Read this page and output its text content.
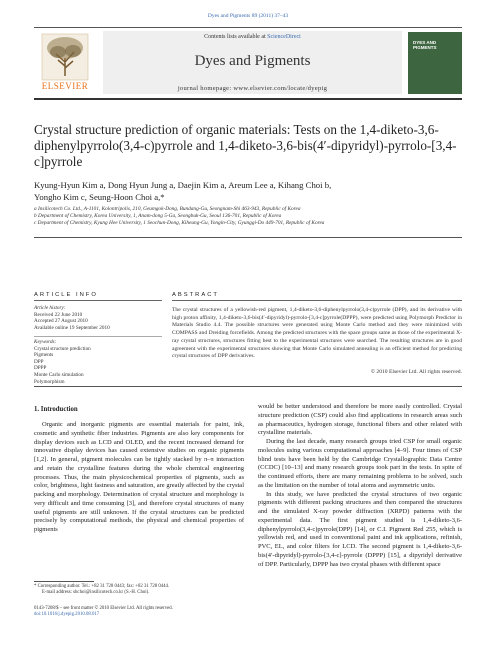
Dyes and Pigments 89 (2011) 37–43
ELSEVIER
Contents lists available at ScienceDirect
Dyes and Pigments
journal homepage: www.elsevier.com/locate/dyepig
DYES AND PIGMENTS
Crystal structure prediction of organic materials: Tests on the 1,4-diketo-3,6-diphenylpyrrolo(3,4-c)pyrrole and 1,4-diketo-3,6-bis(4′-dipyridyl)-pyrrolo-[3,4-c]pyrrole
Kyung-Hyun Kim a, Dong Hyun Jung a, Daejin Kim a, Areum Lee a, Kihang Choi b,
Yongho Kim c, Seung-Hoon Choi a,*
a Insilicotech Co. Ltd., A-1101, Kolontripolis, 210, Geumgok-Dong, Bundang-Gu, Seongnam-Shi 463-943, Republic of Korea
b Department of Chemistry, Korea University, 1, Anam-dong 5-Ga, Seongbuk-Gu, Seoul 136-701, Republic of Korea
c Department of Chemistry, Kyung Hee University, 1 Seochun-Dong, Kiheung-Gu, Yongin-City, Gyunggi-Do 449-701, Republic of Korea
ARTICLE INFO	ABSTRACT
Article history:
Received 22 June 2010
Accepted 27 August 2010
Available online 19 September 2010
Keywords:
Crystal structure prediction
Pigments
DPP
DPPP
Monte Carlo simulation
Polymorphism
The crystal structures of a yellowish-red pigment, 1,4-diketo-3,6-diphenylpyrrolo(3,4-c)pyrrole (DPP), and its derivative with high proton affinity, 1,4-diketo-3,6-bis(4′-dipyridyl)-pyrrolo-[3,4-c]pyrrole(DPPP), were predicted using Polymorph Predictor in Materials Studio 4.4. The possible structures were generated using Monte Carlo method and they were minimized with COMPASS and Dreiding forcefields. Among the predicted structures with the space groups same as those of the experimental X-ray crystal structures, structures fitting best to the experimental structures were searched. The resulting structures are in good agreement with the experimental structures showing that Monte Carlo simulated annealing is an efficient method for predicting crystal structures of DPP derivatives.
© 2010 Elsevier Ltd. All rights reserved.
1. Introduction

Organic and inorganic pigments are essential materials for paint, ink, cosmetic and synthetic fiber industries. Pigments are also key components for display devices such as LCD and OLED, and the recent increased demand for innovative display devices has caused extensive studies on organic pigments [1,2]. In general, pigment molecules can be tightly stacked by π–π interaction and retain the crystalline features during the whole chemical engineering processes. Thus, the main physicochemical properties of pigments, such as color, brightness, light fastness and saturation, are greatly affected by the crystal packing and morphology. Determination of crystal structure and morphology is very difficult and time consuming [3], and therefore crystal structures of many useful pigments are still unknown. If the crystal structures can be predicted precisely by computational methods, the physical and chemical properties of pigments

would be better understood and therefore be more easily controlled. Crystal structure prediction (CSP) could also find applications in research areas such as pharmaceutics, hydrogen storage, functional fibers and other related with crystalline materials.

During the last decade, many research groups tried CSP for small organic molecules using various computational approaches [4–9]. Four times of CSP blind tests have been held by the Cambridge Crystallographic Data Centre (CCDC) [10–13] and many research groups took part in the tests. In spite of the continued efforts, there are many remaining problems to be solved, such as the limitation on the number of total atoms and asymmetric units.

In this study, we have predicted the crystal structures of two organic pigments with different packing structures and then compared the structures and the simulated X-ray powder diffraction (XRPD) patterns with the experimental data. The first pigment studied is 1,4-diketo-3,6-diphenylpyrrolo(3,4-c)pyrrole(DPP) [14], or C.I. Pigment Red 255, which is yellowish red, and used in conventional paint and ink applications, refinish, PVC, EL, and color filters for LCD. The second pigment is 1,4-diketo-3,6-bis(4′-dipyridyl)-pyrrolo-[3,4-c]-pyrrole (DPPP) [15], a dipyridyl derivative of DPP. Particularly, DPPP has two crystal phases with different space

* Corresponding author. Tel.: +82 31 728 0443; fax: +82 31 728 0444.
E-mail address: shchoi@insilicotech.co.kr (S.-H. Choi).
0143-7208/$ – see front matter © 2010 Elsevier Ltd. All rights reserved.
doi:10.1016/j.dyepig.2010.08.017
